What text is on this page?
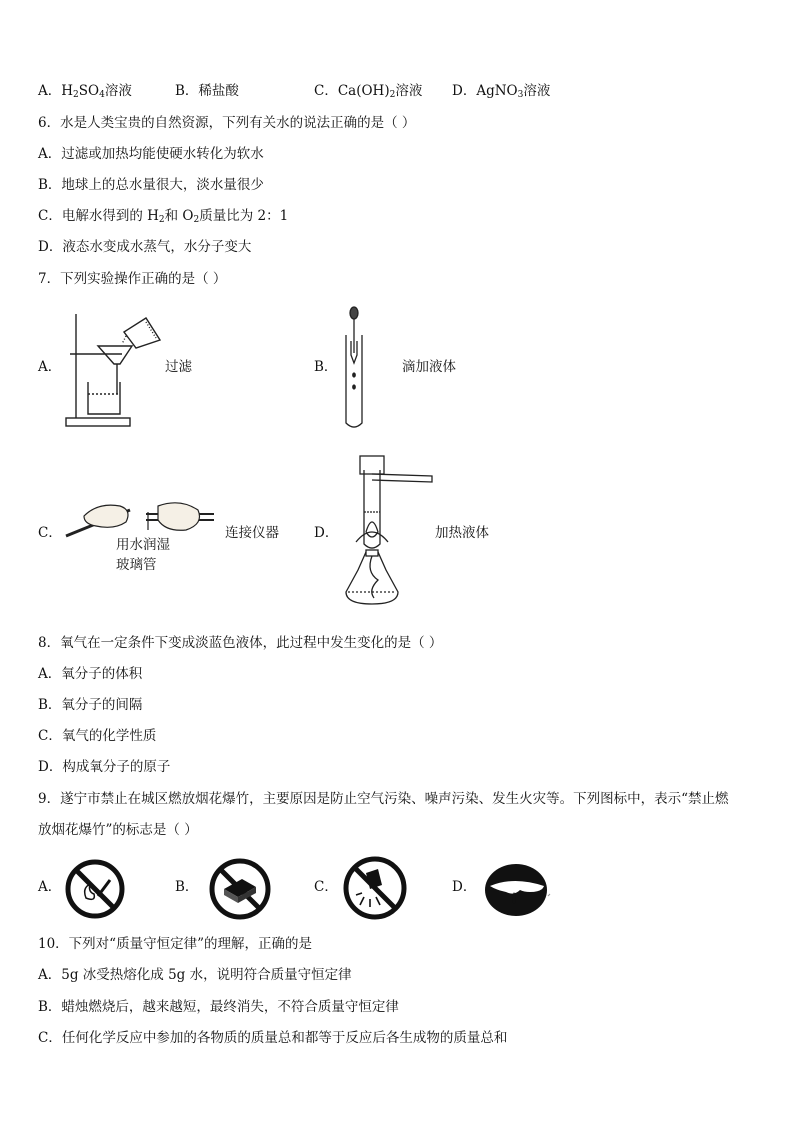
A．$H_2SO_4$溶液	B．稀盐酸	C．$Ca(OH)_2$溶液 D．AgNO$_3$溶液
6．水是人类宝贵的自然资源，下列有关水的说法正确的是（ ）
A．过滤或加热均能使硬水转化为软水
B．地球上的总水量很大，淡水量很少
C．电解水得到的 $H_2$和 $O_2$质量比为 2：1
D．液态水变成水蒸气，水分子变大
7．下列实验操作正确的是（ ）
A．	过滤	B．	滴加液体
C．
用水润湿
玻璃管
连接仪器	D．	加热液体
8．氧气在一定条件下变成淡蓝色液体，此过程中发生变化的是（ ）
A．氧分子的体积
B．氧分子的间隔
C．氧气的化学性质
D．构成氧分子的原子
9．遂宁市禁止在城区燃放烟花爆竹，主要原因是防止空气污染、噪声污染、发生火灾等。下列图标中，表示“禁止燃
放烟花爆竹”的标志是（ ）
A．	B．	C．	D．
10．下列对“质量守恒定律”的理解，正确的是
A．5g 冰受热熔化成 5g 水，说明符合质量守恒定律
B．蜡烛燃烧后，越来越短，最终消失，不符合质量守恒定律
C．任何化学反应中参加的各物质的质量总和都等于反应后各生成物的质量总和
